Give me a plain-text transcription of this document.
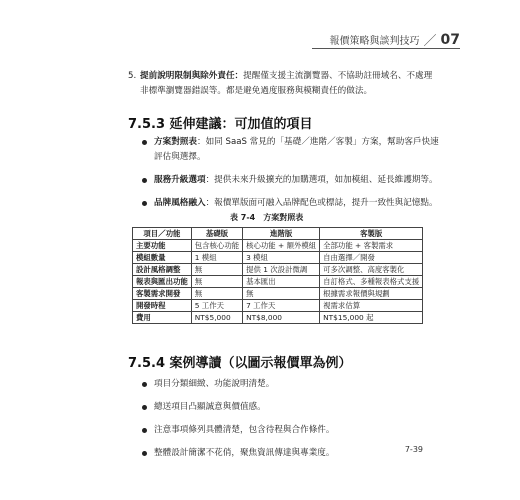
報價策略與談判技巧 ／ 07
5. 提前說明限制與除外責任：提醒僅支援主流瀏覽器、不協助註冊域名、不處理非標準瀏覽器錯誤等。都是避免過度服務與模糊責任的做法。
7.5.3 延伸建議：可加值的項目
方案對照表：如同 SaaS 常見的「基礎／進階／客製」方案，幫助客戶快速評估與選擇。
服務升級選項：提供未來升級擴充的加購選項，如加模組、延長維護期等。
品牌風格融入：報價單版面可融入品牌配色或標誌，提升一致性與記憶點。
表 7-4　方案對照表
項目／功能	基礎版	進階版	客製版
主要功能	包含核心功能	核心功能 + 額外模組	全部功能 + 客製需求
模組數量	1 模組	3 模組	自由選擇／開發
設計風格調整	無	提供 1 次設計微調	可多次調整、高度客製化
報表與匯出功能	無	基本匯出	自訂格式、多種報表格式支援
客製需求開發	無	無	根據需求報價與規劃
開發時程	5 工作天	7 工作天	視需求估算
費用	NT$5,000	NT$8,000	NT$15,000 起
7.5.4 案例導讀（以圖示報價單為例）
項目分類細緻、功能說明清楚。
總送項目凸顯誠意與價值感。
注意事項條列具體清楚，包含待程與合作條件。
整體設計簡潔不花俏，聚焦資訊傳達與專業度。	7-39
